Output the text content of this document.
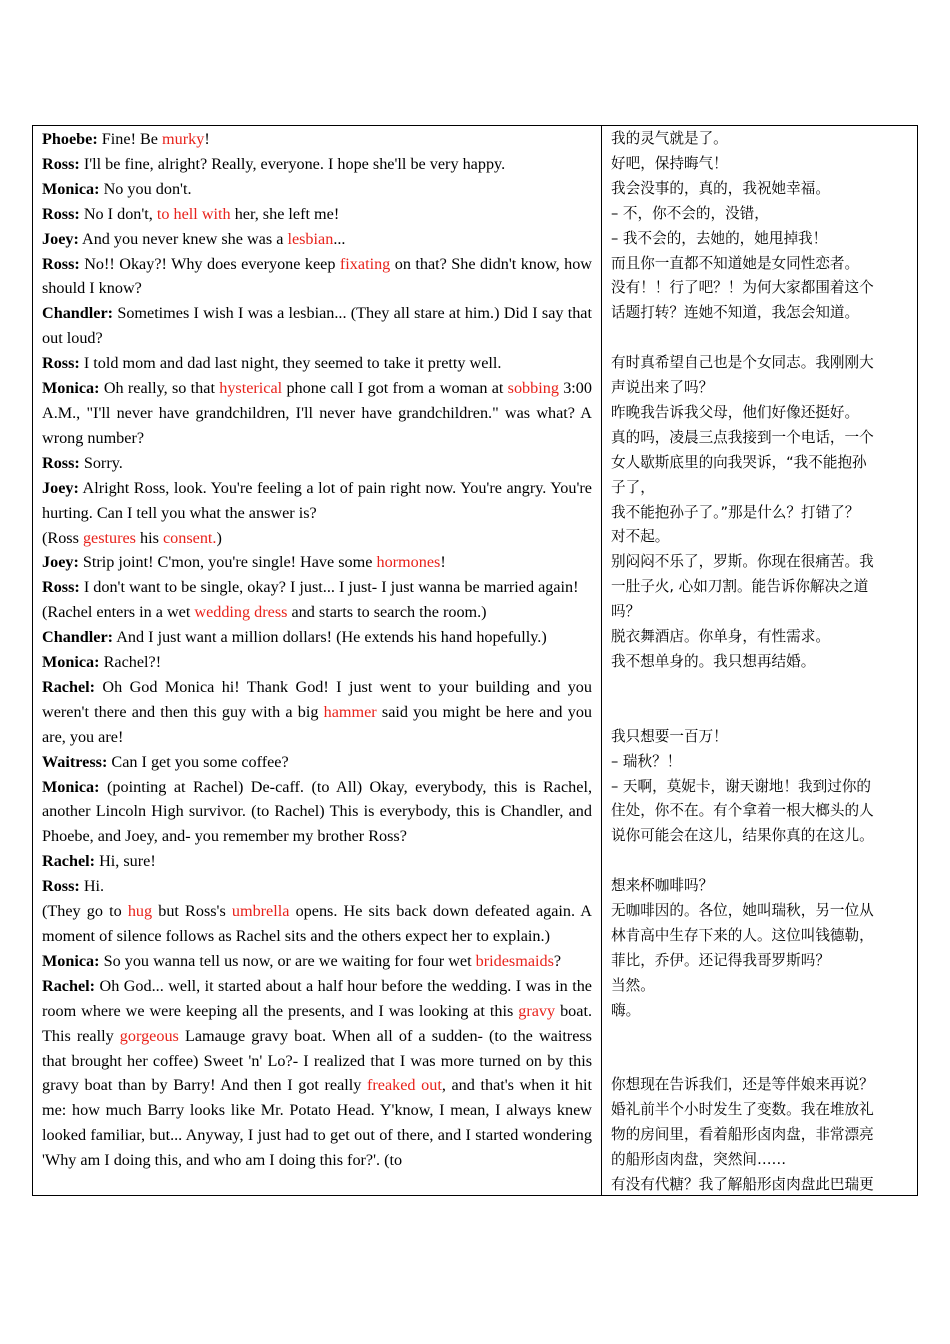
Phoebe: Fine! Be murky!

Ross: I'll be fine, alright? Really, everyone. I hope she'll be very happy.

Monica: No you don't.

Ross: No I don't, to hell with her, she left me!

Joey: And you never knew she was a lesbian...

Ross: No!! Okay?! Why does everyone keep fixating on that? She didn't know, how should I know?

Chandler: Sometimes I wish I was a lesbian... (They all stare at him.) Did I say that out loud?

Ross: I told mom and dad last night, they seemed to take it pretty well.

Monica: Oh really, so that hysterical phone call I got from a woman at sobbing 3:00 A.M., "I'll never have grandchildren, I'll never have grandchildren." was what? A wrong number?

Ross: Sorry.

Joey: Alright Ross, look. You're feeling a lot of pain right now. You're angry. You're hurting. Can I tell you what the answer is?

(Ross gestures his consent.)

Joey: Strip joint! C'mon, you're single! Have some hormones!

Ross: I don't want to be single, okay? I just... I just- I just wanna be married again!

(Rachel enters in a wet wedding dress and starts to search the room.)

Chandler: And I just want a million dollars! (He extends his hand hopefully.)

Monica: Rachel?!

Rachel: Oh God Monica hi! Thank God! I just went to your building and you weren't there and then this guy with a big hammer said you might be here and you are, you are!

Waitress: Can I get you some coffee?

Monica: (pointing at Rachel) De-caff. (to All) Okay, everybody, this is Rachel, another Lincoln High survivor. (to Rachel) This is everybody, this is Chandler, and Phoebe, and Joey, and- you remember my brother Ross?

Rachel: Hi, sure!

Ross: Hi.

(They go to hug but Ross's umbrella opens. He sits back down defeated again. A moment of silence follows as Rachel sits and the others expect her to explain.)

Monica: So you wanna tell us now, or are we waiting for four wet bridesmaids?

Rachel: Oh God... well, it started about a half hour before the wedding. I was in the room where we were keeping all the presents, and I was looking at this gravy boat. This really gorgeous Lamauge gravy boat. When all of a sudden- (to the waitress that brought her coffee) Sweet 'n' Lo?- I realized that I was more turned on by this gravy boat than by Barry! And then I got really freaked out, and that's when it hit me: how much Barry looks like Mr. Potato Head. Y'know, I mean, I always knew looked familiar, but... Anyway, I just had to get out of there, and I started wondering 'Why am I doing this, and who am I doing this for?'. (to

我的灵气就是了。

好吧，保持晦气！

我会没事的，真的，我祝她幸福。

– 不，你不会的，没错，

– 我不会的，去她的，她甩掉我！

而且你一直都不知道她是女同性恋者。

没有！！行了吧？！为何大家都围着这个

话题打转？连她不知道，我怎会知道。

有时真希望自己也是个女同志。我刚刚大

声说出来了吗？

昨晚我告诉我父母，他们好像还挺好。

真的吗，凌晨三点我接到一个电话，一个

女人歇斯底里的向我哭诉，“我不能抱孙

子了，

我不能抱孙子了。”那是什么？打错了？

对不起。

别闷闷不乐了，罗斯。你现在很痛苦。我

一肚子火, 心如刀割。能告诉你解决之道

吗？

脱衣舞酒店。你单身，有性需求。

我不想单身的。我只想再结婚。

我只想要一百万！

– 瑞秋？！

– 天啊，莫妮卡，谢天谢地！我到过你的

住处，你不在。有个拿着一根大榔头的人

说你可能会在这儿，结果你真的在这儿。

想来杯咖啡吗？

无咖啡因的。各位，她叫瑞秋，另一位从

林肯高中生存下来的人。这位叫钱德勒，

菲比，乔伊。还记得我哥罗斯吗？

当然。

嗨。

你想现在告诉我们，还是等伴娘来再说？

婚礼前半个小时发生了变数。我在堆放礼

物的房间里，看着船形卤肉盘，非常漂亮

的船形卤肉盘，突然间……

有没有代糖？我了解船形卤肉盘此巴瑞更
